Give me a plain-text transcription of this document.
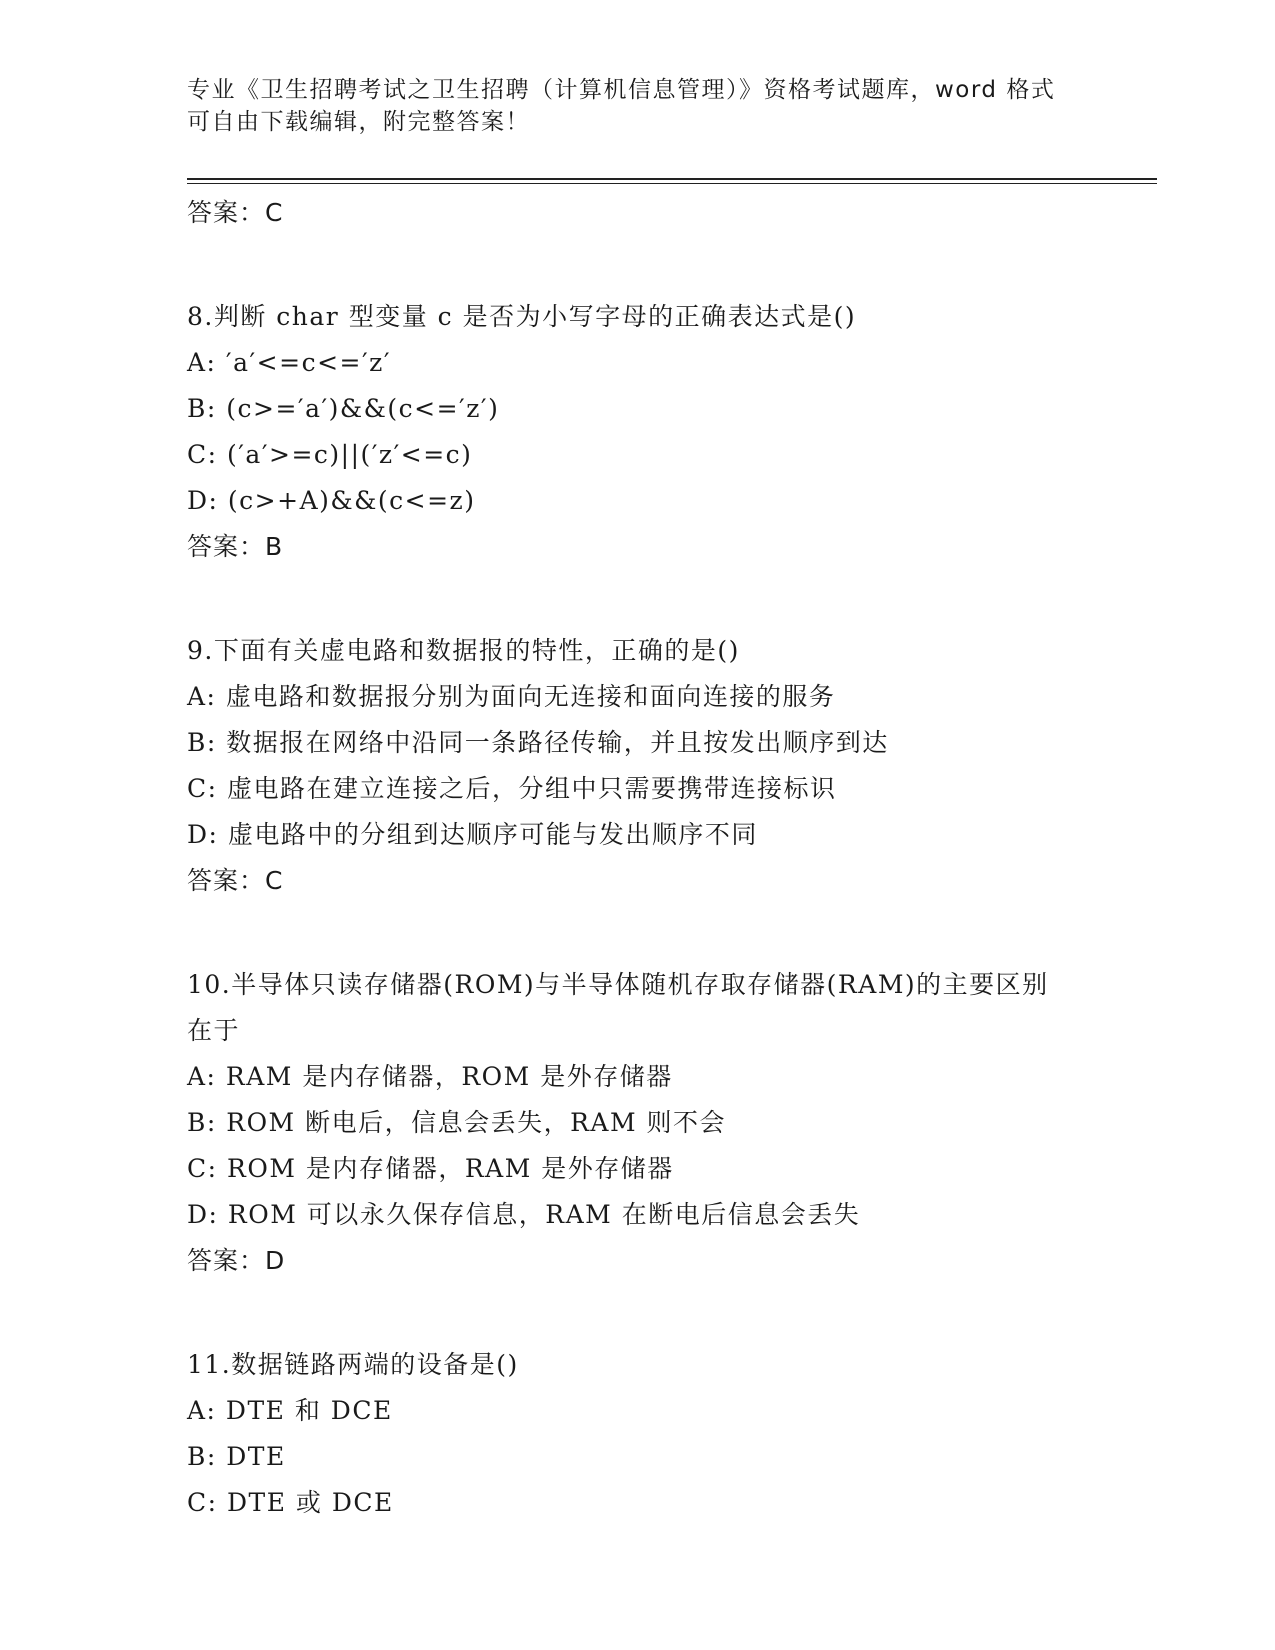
专业《卫生招聘考试之卫生招聘（计算机信息管理）》资格考试题库，word 格式
可自由下载编辑，附完整答案！
答案：C
8.判断 char 型变量 c 是否为小写字母的正确表达式是()
A: ′a′<=c<=′z′
B: (c>=′a′)&&(c<=′z′)
C: (′a′>=c)||(′z′<=c)
D: (c>+A)&&(c<=z)
答案：B
9.下面有关虚电路和数据报的特性，正确的是()
A: 虚电路和数据报分别为面向无连接和面向连接的服务
B: 数据报在网络中沿同一条路径传输，并且按发出顺序到达
C: 虚电路在建立连接之后，分组中只需要携带连接标识
D: 虚电路中的分组到达顺序可能与发出顺序不同
答案：C
10.半导体只读存储器(ROM)与半导体随机存取存储器(RAM)的主要区别
在于
A: RAM 是内存储器，ROM 是外存储器
B: ROM 断电后，信息会丢失，RAM 则不会
C: ROM 是内存储器，RAM 是外存储器
D: ROM 可以永久保存信息，RAM 在断电后信息会丢失
答案：D
11.数据链路两端的设备是()
A: DTE 和 DCE
B: DTE
C: DTE 或 DCE
